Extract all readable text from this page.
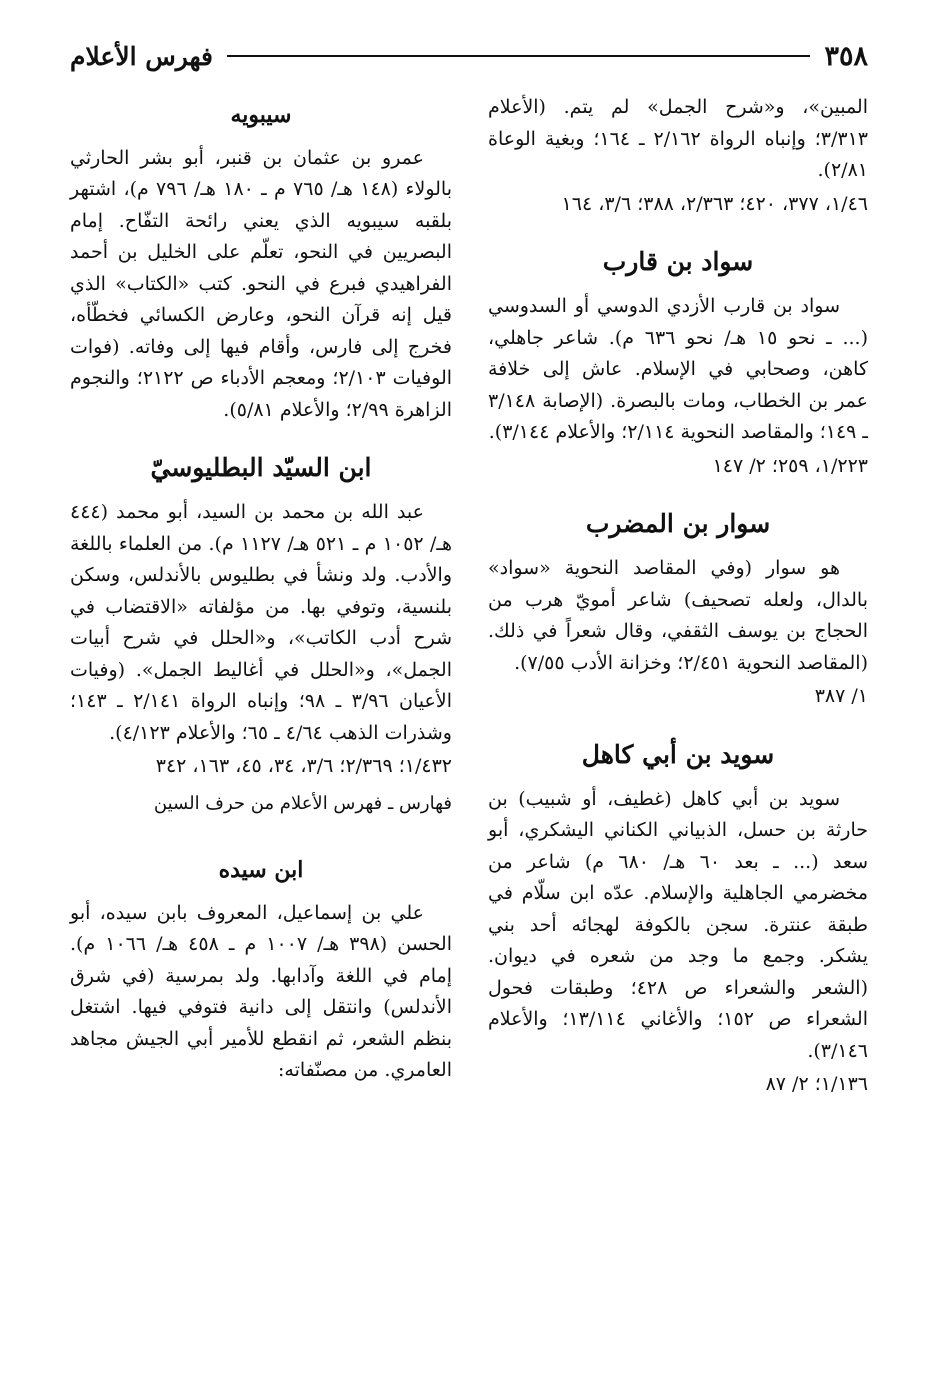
٣٥٨
فهرس الأعلام

المبين»، و«شرح الجمل» لم يتم. (الأعلام ٣/٣١٣؛ وإنباه الرواة ٢/١٦٢ ـ ١٦٤؛ وبغية الوعاة ٢/٨١).

١/٤٦، ٣٧٧، ٤٢٠؛ ٢/٣٦٣، ٣٨٨؛ ٣/٦، ١٦٤

سواد بن قارب

سواد بن قارب الأزدي الدوسي أو السدوسي (... ـ نحو ١٥ هـ/ نحو ٦٣٦ م). شاعر جاهلي، كاهن، وصحابي في الإسلام. عاش إلى خلافة عمر بن الخطاب، ومات بالبصرة. (الإصابة ٣/١٤٨ ـ ١٤٩؛ والمقاصد النحوية ٢/١١٤؛ والأعلام ٣/١٤٤).

١/٢٢٣، ٢٥٩؛ ٢/ ١٤٧

سوار بن المضرب

هو سوار (وفي المقاصد النحوية «سواد» بالدال، ولعله تصحيف) شاعر أمويّ هرب من الحجاج بن يوسف الثقفي، وقال شعراً في ذلك. (المقاصد النحوية ٢/٤٥١؛ وخزانة الأدب ٧/٥٥).

١/ ٣٨٧

سويد بن أبي كاهل

سويد بن أبي كاهل (غطيف، أو شبيب) بن حارثة بن حسل، الذبياني الكناني اليشكري، أبو سعد (... ـ بعد ٦٠ هـ/ ٦٨٠ م) شاعر من مخضرمي الجاهلية والإسلام. عدّه ابن سلّام في طبقة عنترة. سجن بالكوفة لهجائه أحد بني يشكر. وجمع ما وجد من شعره في ديوان. (الشعر والشعراء ص ٤٢٨؛ وطبقات فحول الشعراء ص ١٥٢؛ والأغاني ١٣/١١٤؛ والأعلام ٣/١٤٦).

١/١٣٦؛ ٢/ ٨٧

سيبويه

عمرو بن عثمان بن قنبر، أبو بشر الحارثي بالولاء (١٤٨ هـ/ ٧٦٥ م ـ ١٨٠ هـ/ ٧٩٦ م)، اشتهر بلقبه سيبويه الذي يعني رائحة التفّاح. إمام البصريين في النحو، تعلّم على الخليل بن أحمد الفراهيدي فبرع في النحو. كتب «الكتاب» الذي قيل إنه قرآن النحو، وعارض الكسائي فخطّأه، فخرج إلى فارس، وأقام فيها إلى وفاته. (فوات الوفيات ٢/١٠٣؛ ومعجم الأدباء ص ٢١٢٢؛ والنجوم الزاهرة ٢/٩٩؛ والأعلام ٥/٨١).

ابن السيّد البطليوسيّ

عبد الله بن محمد بن السيد، أبو محمد (٤٤٤ هـ/ ١٠٥٢ م ـ ٥٢١ هـ/ ١١٢٧ م). من العلماء باللغة والأدب. ولد ونشأ في بطليوس بالأندلس، وسكن بلنسية، وتوفي بها. من مؤلفاته «الاقتضاب في شرح أدب الكاتب»، و«الحلل في شرح أبيات الجمل»، و«الحلل في أغاليط الجمل». (وفيات الأعيان ٣/٩٦ ـ ٩٨؛ وإنباه الرواة ٢/١٤١ ـ ١٤٣؛ وشذرات الذهب ٤/٦٤ ـ ٦٥؛ والأعلام ٤/١٢٣).

١/٤٣٢؛ ٢/٣٦٩؛ ٣/٦، ٣٤، ٤٥، ١٦٣، ٣٤٢

فهارس ـ فهرس الأعلام من حرف السين

ابن سيده

علي بن إسماعيل، المعروف بابن سيده، أبو الحسن (٣٩٨ هـ/ ١٠٠٧ م ـ ٤٥٨ هـ/ ١٠٦٦ م). إمام في اللغة وآدابها. ولد بمرسية (في شرق الأندلس) وانتقل إلى دانية فتوفي فيها. اشتغل بنظم الشعر، ثم انقطع للأمير أبي الجيش مجاهد العامري. من مصنّفاته:
